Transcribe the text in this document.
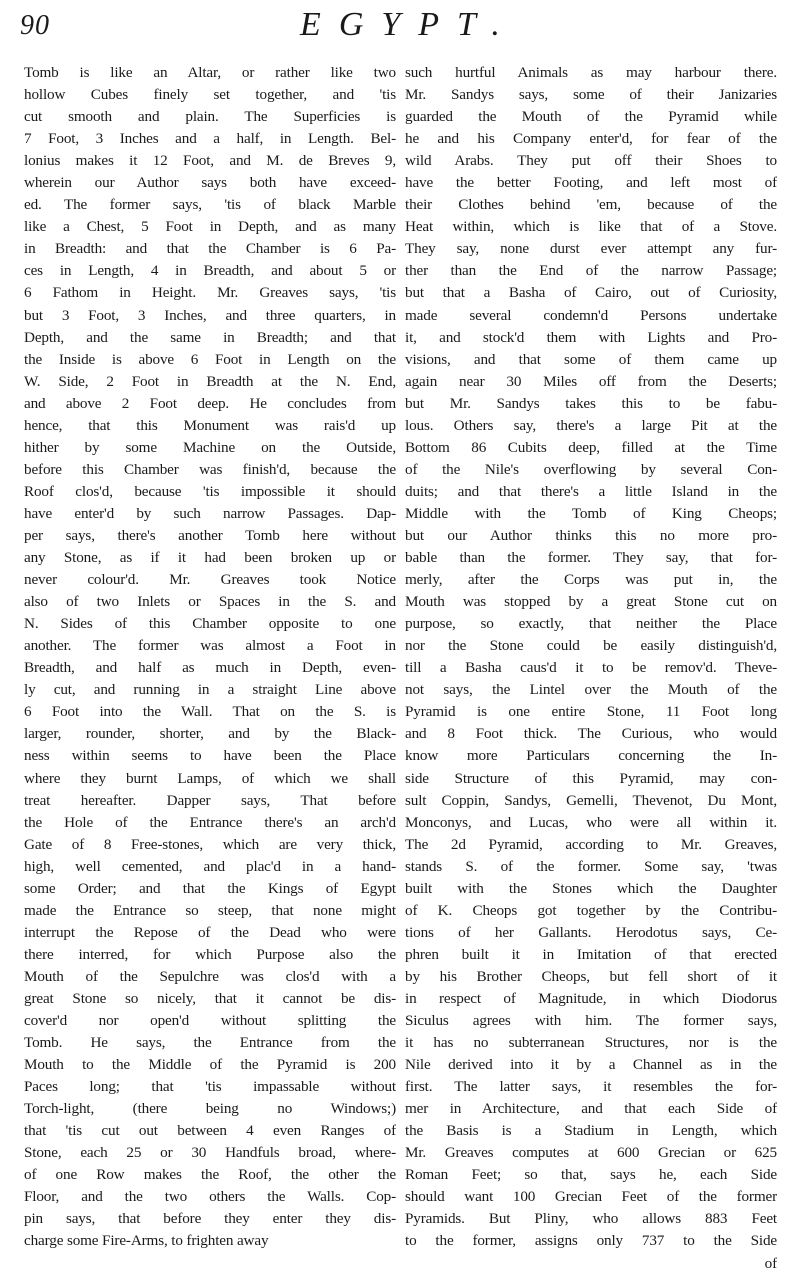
90	EGYPT.
Tomb is like an Altar, or rather like two
hollow Cubes finely set together, and 'tis
cut smooth and plain. The Superficies is
7 Foot, 3 Inches and a half, in Length. Bel-
lonius makes it 12 Foot, and M. de Breves 9,
wherein our Author says both have exceed-
ed. The former says, 'tis of black Marble
like a Chest, 5 Foot in Depth, and as many
in Breadth: and that the Chamber is 6 Pa-
ces in Length, 4 in Breadth, and about 5 or
6 Fathom in Height. Mr. Greaves says, 'tis
but 3 Foot, 3 Inches, and three quarters, in
Depth, and the same in Breadth; and that
the Inside is above 6 Foot in Length on the
W. Side, 2 Foot in Breadth at the N. End,
and above 2 Foot deep. He concludes from
hence, that this Monument was rais'd up
hither by some Machine on the Outside,
before this Chamber was finish'd, because the
Roof clos'd, because 'tis impossible it should
have enter'd by such narrow Passages. Dap-
per says, there's another Tomb here without
any Stone, as if it had been broken up or
never colour'd. Mr. Greaves took Notice
also of two Inlets or Spaces in the S. and
N. Sides of this Chamber opposite to one
another. The former was almost a Foot in
Breadth, and half as much in Depth, even-
ly cut, and running in a straight Line above
6 Foot into the Wall. That on the S. is
larger, rounder, shorter, and by the Black-
ness within seems to have been the Place
where they burnt Lamps, of which we shall
treat hereafter. Dapper says, That before
the Hole of the Entrance there's an arch'd
Gate of 8 Free-stones, which are very thick,
high, well cemented, and plac'd in a hand-
some Order; and that the Kings of Egypt
made the Entrance so steep, that none might
interrupt the Repose of the Dead who were
there interred, for which Purpose also the
Mouth of the Sepulchre was clos'd with a
great Stone so nicely, that it cannot be dis-
cover'd nor open'd without splitting the
Tomb. He says, the Entrance from the
Mouth to the Middle of the Pyramid is 200
Paces long; that 'tis impassable without
Torch-light, (there being no Windows;)
that 'tis cut out between 4 even Ranges of
Stone, each 25 or 30 Handfuls broad, where-
of one Row makes the Roof, the other the
Floor, and the two others the Walls. Cop-
pin says, that before they enter they dis-
charge some Fire-Arms, to frighten away
such hurtful Animals as may harbour there.
Mr. Sandys says, some of their Janizaries
guarded the Mouth of the Pyramid while
he and his Company enter'd, for fear of the
wild Arabs. They put off their Shoes to
have the better Footing, and left most of
their Clothes behind 'em, because of the
Heat within, which is like that of a Stove.
They say, none durst ever attempt any fur-
ther than the End of the narrow Passage;
but that a Basha of Cairo, out of Curiosity,
made several condemn'd Persons undertake
it, and stock'd them with Lights and Pro-
visions, and that some of them came up
again near 30 Miles off from the Deserts;
but Mr. Sandys takes this to be fabu-
lous. Others say, there's a large Pit at the
Bottom 86 Cubits deep, filled at the Time
of the Nile's overflowing by several Con-
duits; and that there's a little Island in the
Middle with the Tomb of King Cheops;
but our Author thinks this no more pro-
bable than the former. They say, that for-
merly, after the Corps was put in, the
Mouth was stopped by a great Stone cut on
purpose, so exactly, that neither the Place
nor the Stone could be easily distinguish'd,
till a Basha caus'd it to be remov'd. Theve-
not says, the Lintel over the Mouth of the
Pyramid is one entire Stone, 11 Foot long
and 8 Foot thick. The Curious, who would
know more Particulars concerning the In-
side Structure of this Pyramid, may con-
sult Coppin, Sandys, Gemelli, Thevenot, Du Mont,
Monconys, and Lucas, who were all within it.
The 2d Pyramid, according to Mr. Greaves,
stands S. of the former. Some say, 'twas
built with the Stones which the Daughter
of K. Cheops got together by the Contribu-
tions of her Gallants. Herodotus says, Ce-
phren built it in Imitation of that erected
by his Brother Cheops, but fell short of it
in respect of Magnitude, in which Diodorus
Siculus agrees with him. The former says,
it has no subterranean Structures, nor is the
Nile derived into it by a Channel as in the
first. The latter says, it resembles the for-
mer in Architecture, and that each Side of
the Basis is a Stadium in Length, which
Mr. Greaves computes at 600 Grecian or 625
Roman Feet; so that, says he, each Side
should want 100 Grecian Feet of the former
Pyramids. But Pliny, who allows 883 Feet
to the former, assigns only 737 to the Side
of
